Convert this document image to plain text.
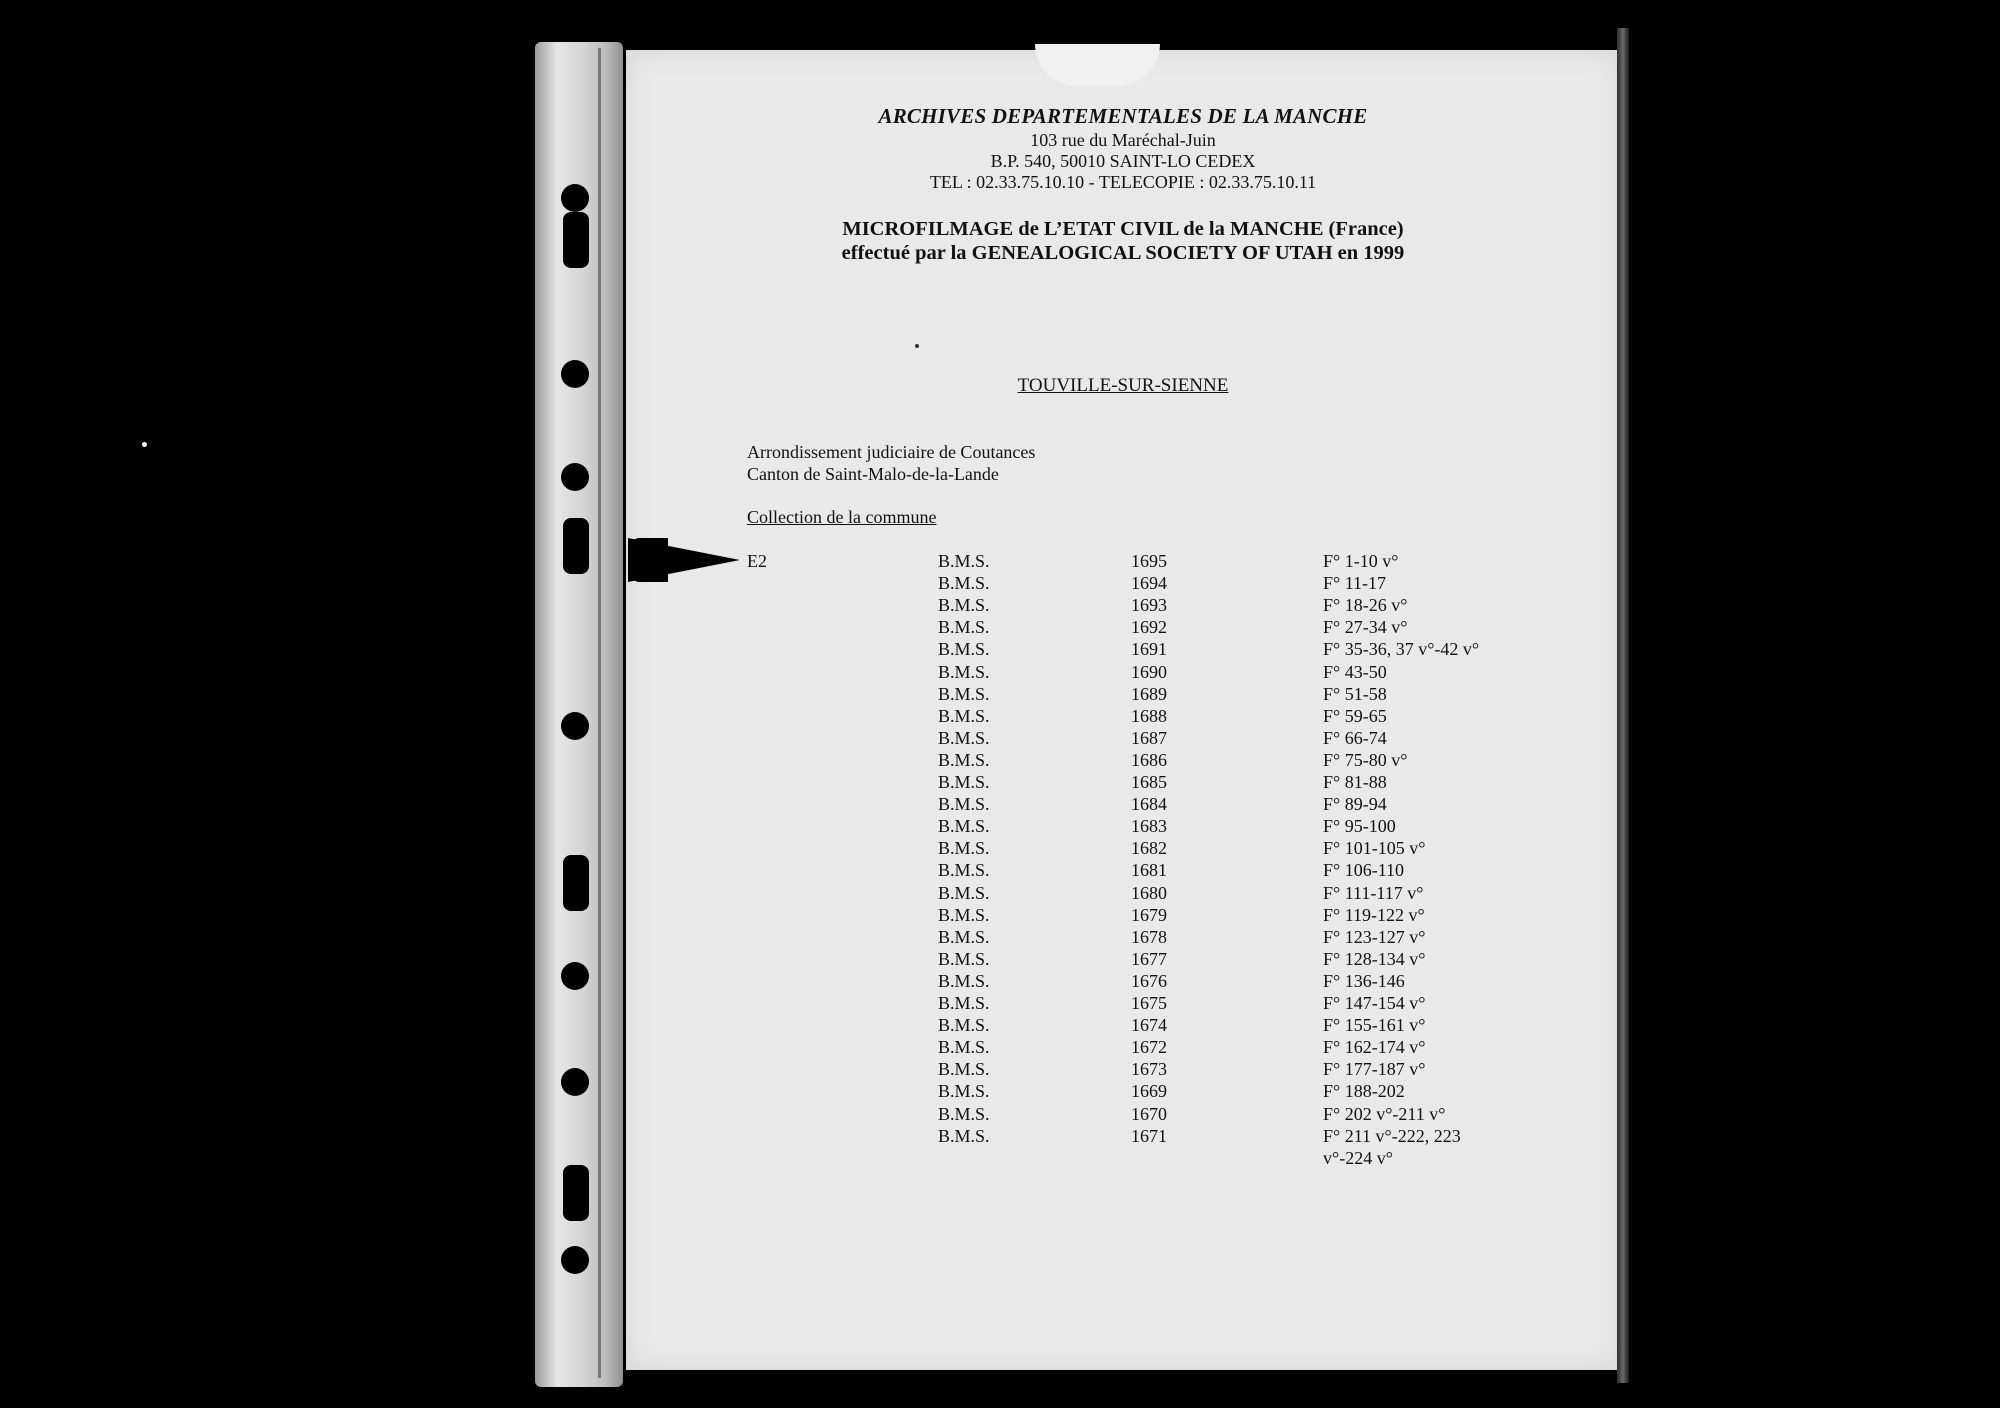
ARCHIVES DEPARTEMENTALES DE LA MANCHE
103 rue du Maréchal-Juin
B.P. 540, 50010 SAINT-LO CEDEX
TEL : 02.33.75.10.10 - TELECOPIE : 02.33.75.10.11
MICROFILMAGE de L’ETAT CIVIL de la MANCHE (France)
effectué par la GENEALOGICAL SOCIETY OF UTAH en 1999
TOUVILLE-SUR-SIENNE
Arrondissement judiciaire de Coutances
Canton de Saint-Malo-de-la-Lande
Collection de la commune
E2	B.M.S.	1695	F° 1-10 v°
B.M.S.	1694	F° 11-17
B.M.S.	1693	F° 18-26 v°
B.M.S.	1692	F° 27-34 v°
B.M.S.	1691	F° 35-36, 37 v°-42 v°
B.M.S.	1690	F° 43-50
B.M.S.	1689	F° 51-58
B.M.S.	1688	F° 59-65
B.M.S.	1687	F° 66-74
B.M.S.	1686	F° 75-80 v°
B.M.S.	1685	F° 81-88
B.M.S.	1684	F° 89-94
B.M.S.	1683	F° 95-100
B.M.S.	1682	F° 101-105 v°
B.M.S.	1681	F° 106-110
B.M.S.	1680	F° 111-117 v°
B.M.S.	1679	F° 119-122 v°
B.M.S.	1678	F° 123-127 v°
B.M.S.	1677	F° 128-134 v°
B.M.S.	1676	F° 136-146
B.M.S.	1675	F° 147-154 v°
B.M.S.	1674	F° 155-161 v°
B.M.S.	1672	F° 162-174 v°
B.M.S.	1673	F° 177-187 v°
B.M.S.	1669	F° 188-202
B.M.S.	1670	F° 202 v°-211 v°
B.M.S.	1671	F° 211 v°-222, 223
v°-224 v°
